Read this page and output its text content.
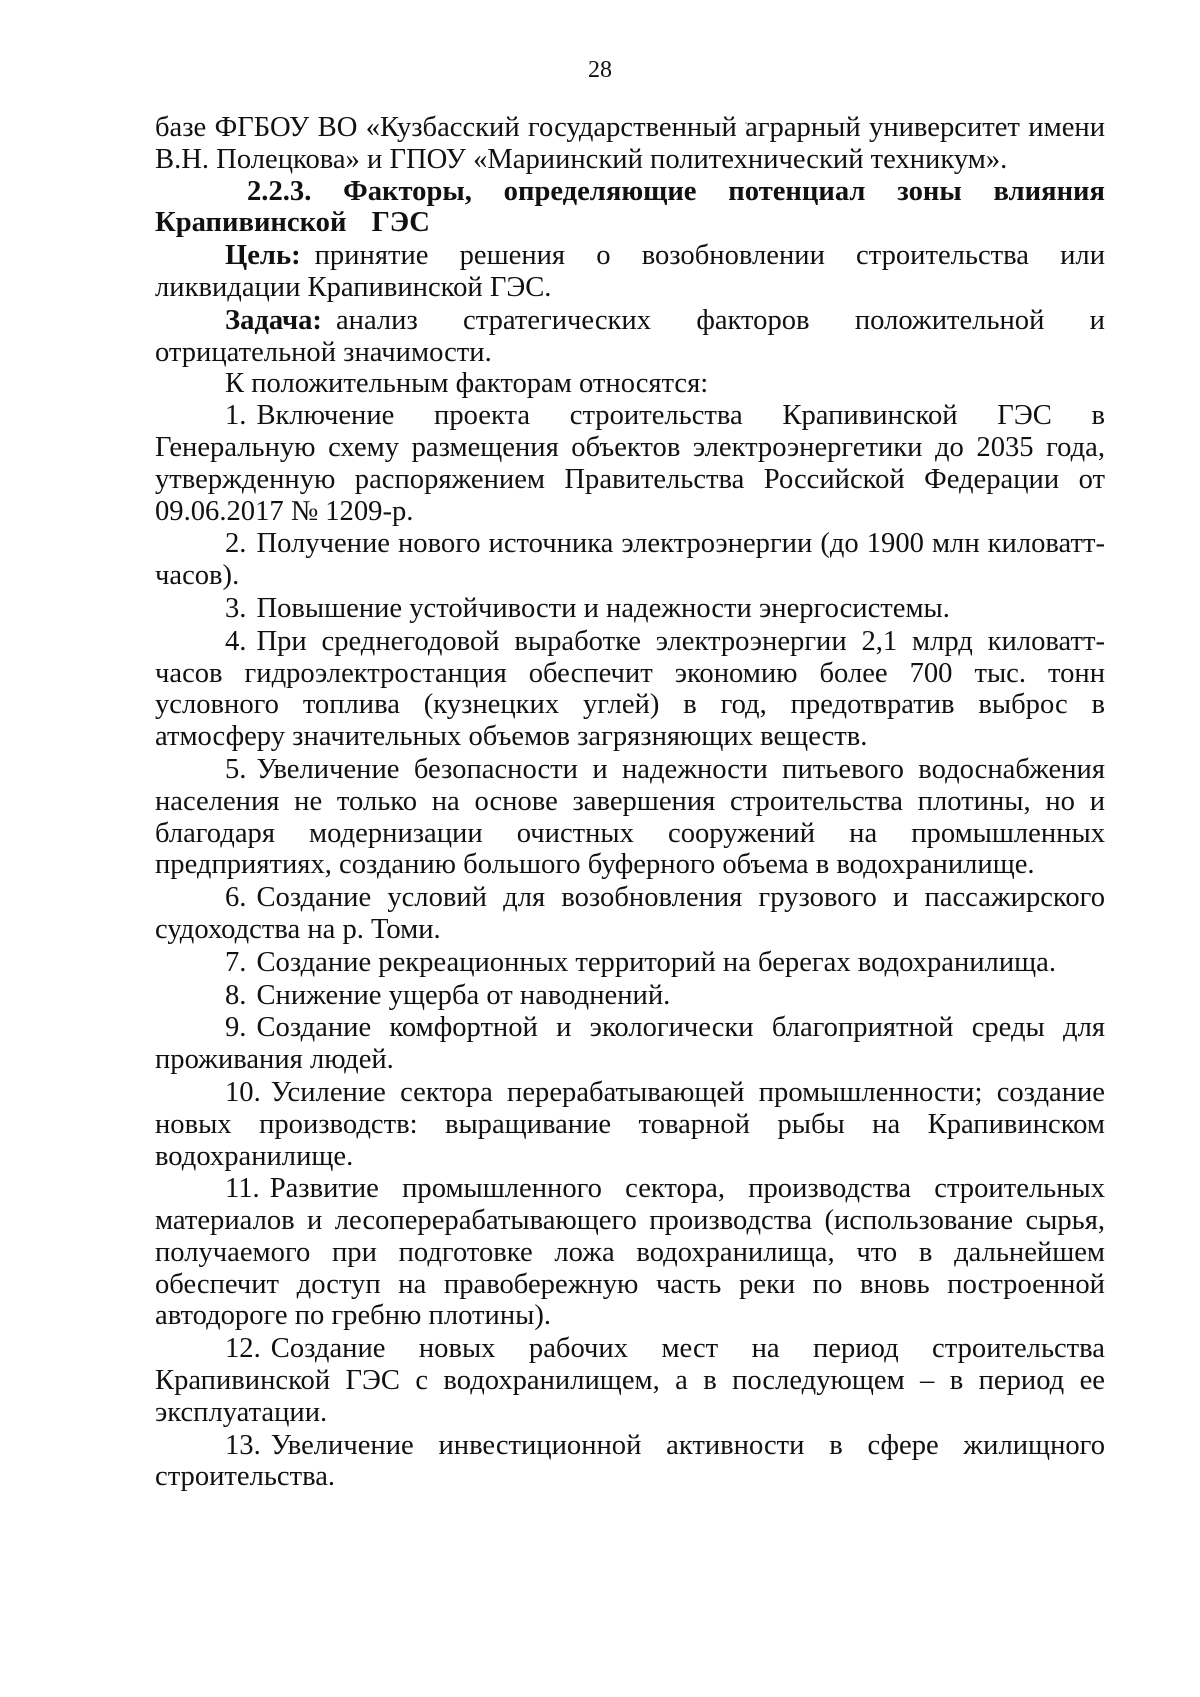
28

базе ФГБОУ ВО «Кузбасский государственный аграрный университет имени В.Н. Полецкова» и ГПОУ «Мариинский политехнический техникум».

2.2.3. Факторы, определяющие потенциал зоны влияния Крапивинской ГЭС

Цель: принятие решения о возобновлении строительства или ликвидации Крапивинской ГЭС.

Задача: анализ стратегических факторов положительной и отрицательной значимости.

К положительным факторам относятся:

1. Включение проекта строительства Крапивинской ГЭС в Генеральную схему размещения объектов электроэнергетики до 2035 года, утвержденную распоряжением Правительства Российской Федерации от 09.06.2017 № 1209-р.

2. Получение нового источника электроэнергии (до 1900 млн киловатт-часов).

3. Повышение устойчивости и надежности энергосистемы.

4. При среднегодовой выработке электроэнергии 2,1 млрд киловатт-часов гидроэлектростанция обеспечит экономию более 700 тыс. тонн условного топлива (кузнецких углей) в год, предотвратив выброс в атмосферу значительных объемов загрязняющих веществ.

5. Увеличение безопасности и надежности питьевого водоснабжения населения не только на основе завершения строительства плотины, но и благодаря модернизации очистных сооружений на промышленных предприятиях, созданию большого буферного объема в водохранилище.

6. Создание условий для возобновления грузового и пассажирского судоходства на р. Томи.

7. Создание рекреационных территорий на берегах водохранилища.

8. Снижение ущерба от наводнений.

9. Создание комфортной и экологически благоприятной среды для проживания людей.

10. Усиление сектора перерабатывающей промышленности; создание новых производств: выращивание товарной рыбы на Крапивинском водохранилище.

11. Развитие промышленного сектора, производства строительных материалов и лесоперерабатывающего производства (использование сырья, получаемого при подготовке ложа водохранилища, что в дальнейшем обеспечит доступ на правобережную часть реки по вновь построенной автодороге по гребню плотины).

12. Создание новых рабочих мест на период строительства Крапивинской ГЭС с водохранилищем, а в последующем – в период ее эксплуатации.

13. Увеличение инвестиционной активности в сфере жилищного строительства.
